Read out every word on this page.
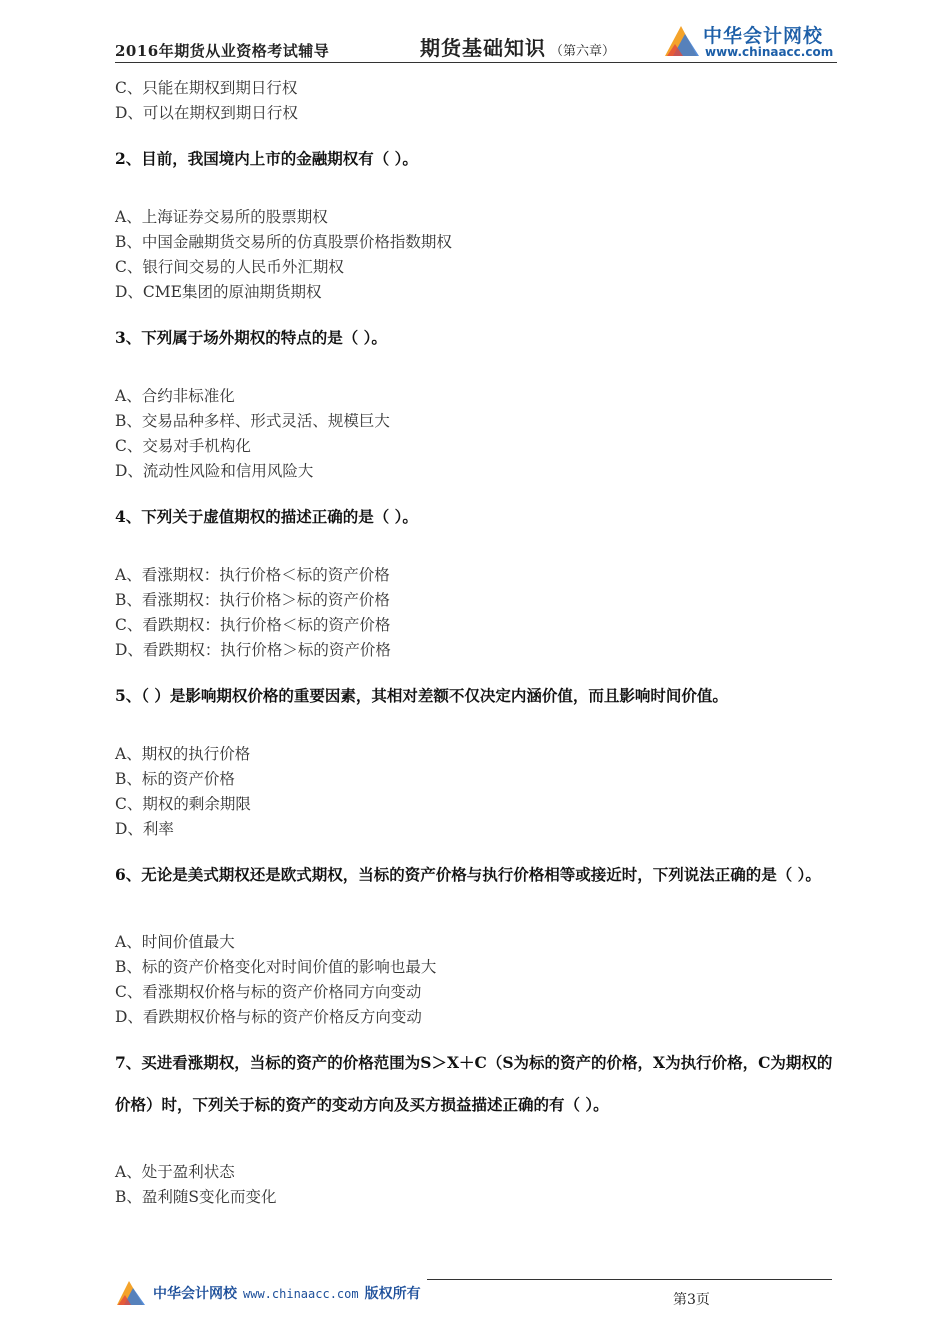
2016年期货从业资格考试辅导	期货基础知识 （第六章）
中华会计网校
www.chinaacc.com
C、只能在期权到期日行权
D、可以在期权到期日行权
2、目前，我国境内上市的金融期权有（ ）。
A、上海证券交易所的股票期权
B、中国金融期货交易所的仿真股票价格指数期权
C、银行间交易的人民币外汇期权
D、CME集团的原油期货期权
3、下列属于场外期权的特点的是（ ）。
A、合约非标准化
B、交易品种多样、形式灵活、规模巨大
C、交易对手机构化
D、流动性风险和信用风险大
4、下列关于虚值期权的描述正确的是（ ）。
A、看涨期权：执行价格＜标的资产价格
B、看涨期权：执行价格＞标的资产价格
C、看跌期权：执行价格＜标的资产价格
D、看跌期权：执行价格＞标的资产价格
5、（ ）是影响期权价格的重要因素，其相对差额不仅决定内涵价值，而且影响时间价值。
A、期权的执行价格
B、标的资产价格
C、期权的剩余期限
D、利率
6、无论是美式期权还是欧式期权，当标的资产价格与执行价格相等或接近时，下列说法正确的是（ ）。
A、时间价值最大
B、标的资产价格变化对时间价值的影响也最大
C、看涨期权价格与标的资产价格同方向变动
D、看跌期权价格与标的资产价格反方向变动
7、买进看涨期权，当标的资产的价格范围为S＞X＋C（S为标的资产的价格，X为执行价格，C为期权的价格）时，下列关于标的资产的变动方向及买方损益描述正确的有（ ）。
A、处于盈利状态
B、盈利随S变化而变化
中华会计网校 www.chinaacc.com 版权所有	第3页
